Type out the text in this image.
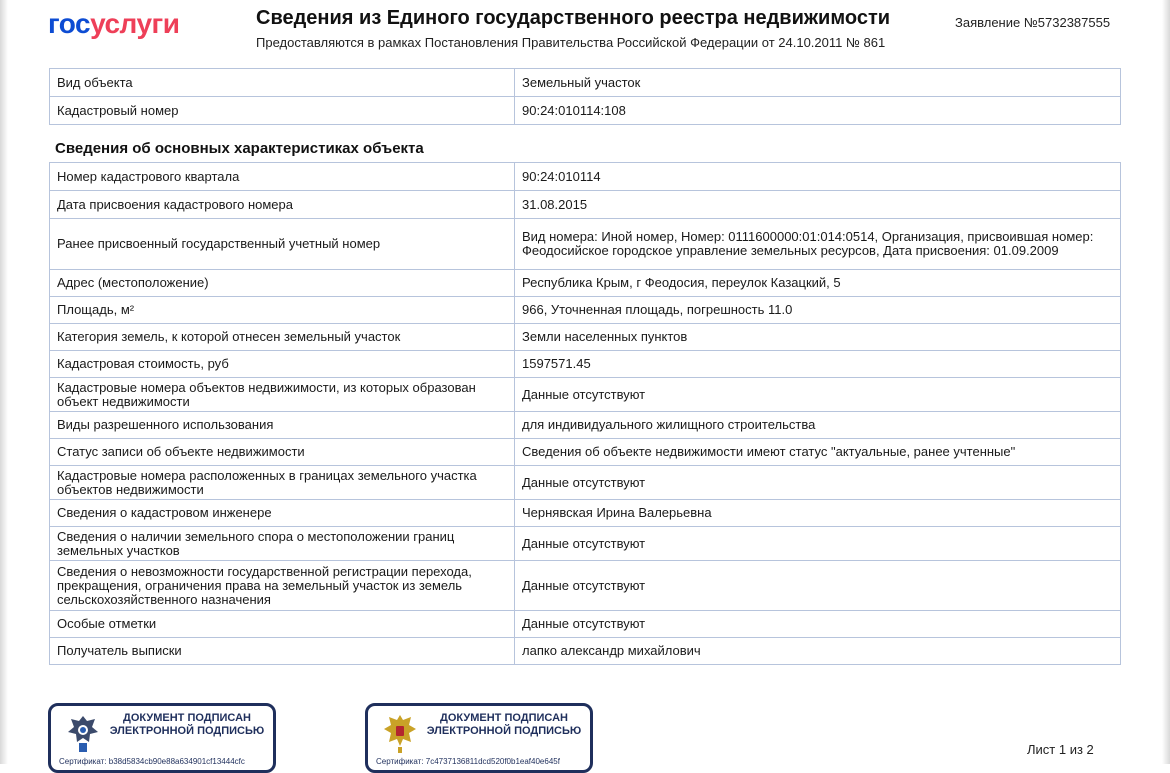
госуслуги	Сведения из Единого государственного реестра недвижимости
Предоставляются в рамках Постановления Правительства Российской Федерации от 24.10.2011 № 861
Заявление №5732387555
Вид объекта	Земельный участок
Кадастровый номер	90:24:010114:108
Сведения об основных характеристиках объекта
Номер кадастрового квартала	90:24:010114
Дата присвоения кадастрового номера	31.08.2015
Ранее присвоенный государственный учетный номер	Вид номера: Иной номер, Номер: 0111600000:01:014:0514, Организация, присвоившая номер: Феодосийское городское управление земельных ресурсов, Дата присвоения: 01.09.2009
Адрес (местоположение)	Республика Крым, г Феодосия, переулок Казацкий, 5
Площадь, м²	966, Уточненная площадь, погрешность 11.0
Категория земель, к которой отнесен земельный участок	Земли населенных пунктов
Кадастровая стоимость, руб	1597571.45
Кадастровые номера объектов недвижимости, из которых образован объект недвижимости	Данные отсутствуют
Виды разрешенного использования	для индивидуального жилищного строительства
Статус записи об объекте недвижимости	Сведения об объекте недвижимости имеют статус "актуальные, ранее учтенные"
Кадастровые номера расположенных в границах земельного участка объектов недвижимости	Данные отсутствуют
Сведения о кадастровом инженере	Чернявская Ирина Валерьевна
Сведения о наличии земельного спора о местоположении границ земельных участков	Данные отсутствуют
Сведения о невозможности государственной регистрации перехода, прекращения, ограничения права на земельный участок из земель сельскохозяйственного назначения	Данные отсутствуют
Особые отметки	Данные отсутствуют
Получатель выписки	лапко александр михайлович
ДОКУМЕНТ ПОДПИСАН ЭЛЕКТРОННОЙ ПОДПИСЬЮ
Сертификат: b38d5834cb90e88a634901cf13444cfc
ДОКУМЕНТ ПОДПИСАН ЭЛЕКТРОННОЙ ПОДПИСЬЮ
Сертификат: 7c4737136811dcd520f0b1eaf40e645f
Лист 1 из 2
